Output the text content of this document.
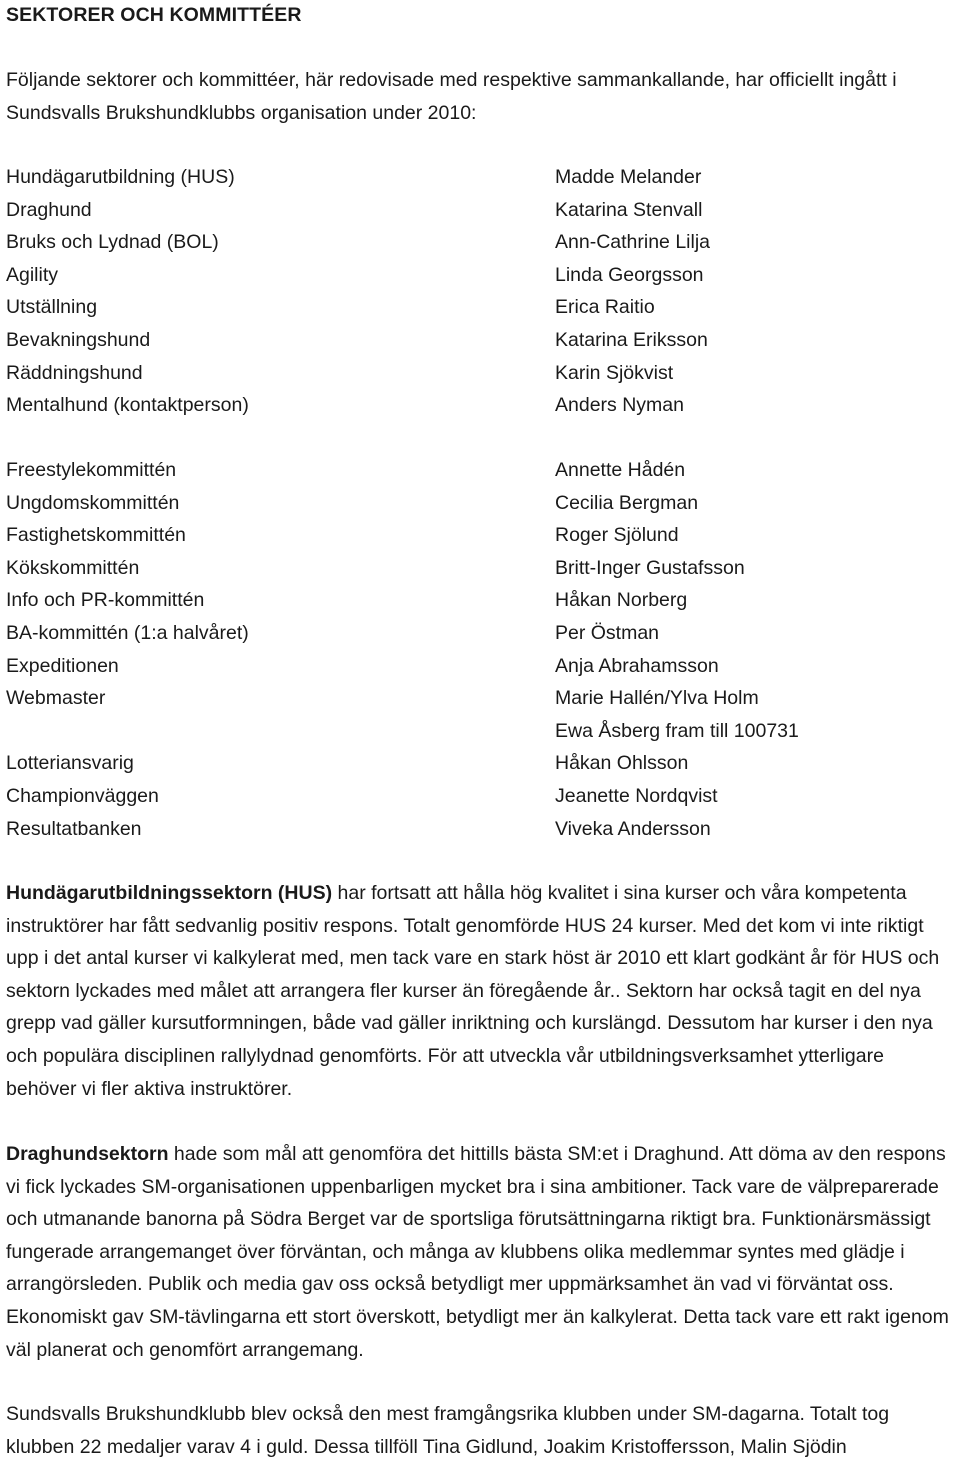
SEKTORER OCH KOMMITTÉER
Följande sektorer och kommittéer, här redovisade med respektive sammankallande, har officiellt ingått i Sundsvalls Brukshundklubbs organisation under 2010:
Hundägarutbildning (HUS)
Draghund
Bruks och Lydnad (BOL)
Agility
Utställning
Bevakningshund
Räddningshund
Mentalhund (kontaktperson)
Madde Melander
Katarina Stenvall
Ann-Cathrine Lilja
Linda Georgsson
Erica Raitio
Katarina Eriksson
Karin Sjökvist
Anders Nyman
Freestylekommittén
Ungdomskommittén
Fastighetskommittén
Kökskommittén
Info och PR-kommittén
BA-kommittén (1:a halvåret)
Expeditionen
Webmaster
Lotteriansvarig
Championväggen
Resultatbanken
Annette Hådén
Cecilia Bergman
Roger Sjölund
Britt-Inger Gustafsson
Håkan Norberg
Per Östman
Anja Abrahamsson
Marie Hallén/Ylva Holm
Ewa Åsberg fram till 100731
Håkan Ohlsson
Jeanette Nordqvist
Viveka Andersson
Hundägarutbildningssektorn (HUS) har fortsatt att hålla hög kvalitet i sina kurser och våra kompetenta instruktörer har fått sedvanlig positiv respons. Totalt genomförde HUS 24 kurser. Med det kom vi inte riktigt upp i det antal kurser vi kalkylerat med, men tack vare en stark höst är 2010 ett klart godkänt år för HUS och sektorn lyckades med målet att arrangera fler kurser än föregående år.. Sektorn har också tagit en del nya grepp vad gäller kursutformningen, både vad gäller inriktning och kurslängd. Dessutom har kurser i den nya och populära disciplinen rallylydnad genomförts. För att utveckla vår utbildningsverksamhet ytterligare behöver vi fler aktiva instruktörer.
Draghundsektorn hade som mål att genomföra det hittills bästa SM:et i Draghund. Att döma av den respons vi fick lyckades SM-organisationen uppenbarligen mycket bra i sina ambitioner. Tack vare de välpreparerade och utmanande banorna på Södra Berget var de sportsliga förutsättningarna riktigt bra. Funktionärsmässigt fungerade arrangemanget över förväntan, och många av klubbens olika medlemmar syntes med glädje i arrangörsleden. Publik och media gav oss också betydligt mer uppmärksamhet än vad vi förväntat oss. Ekonomiskt gav SM-tävlingarna ett stort överskott, betydligt mer än kalkylerat. Detta tack vare ett rakt igenom väl planerat och genomfört arrangemang.
Sundsvalls Brukshundklubb blev också den mest framgångsrika klubben under SM-dagarna. Totalt tog klubben 22 medaljer varav 4 i guld. Dessa tillföll Tina Gidlund, Joakim Kristoffersson, Malin Sjödin
